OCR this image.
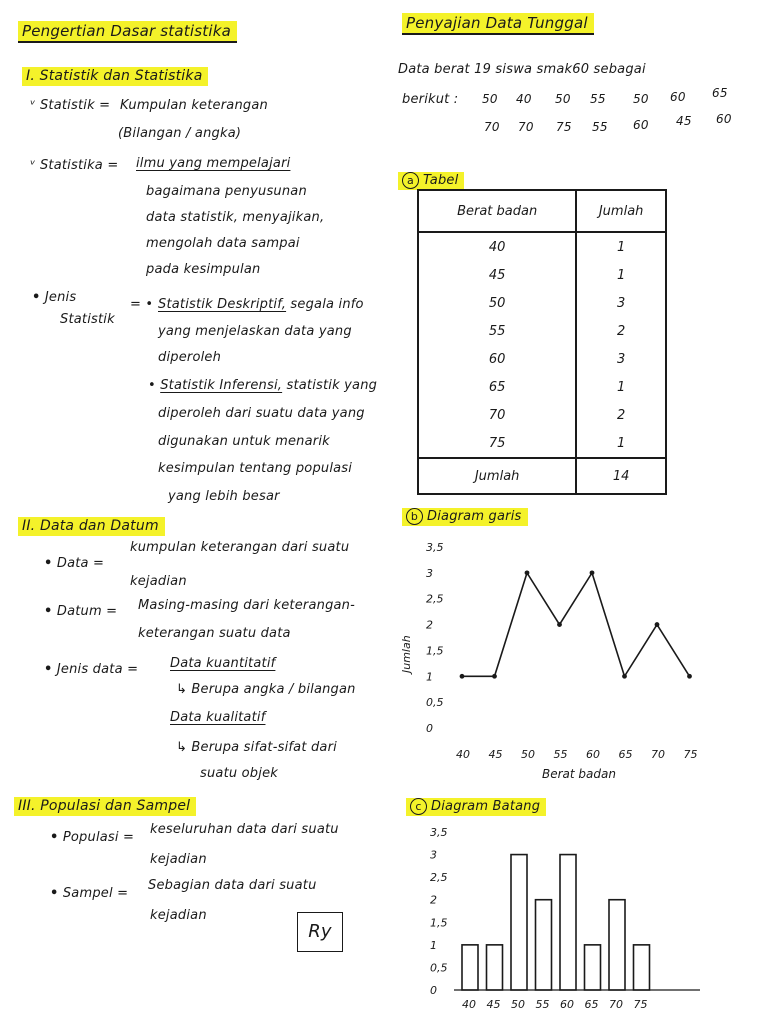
Pengertian Dasar statistika
I. Statistik dan Statistika
ᵛ Statistik = Kumpulan keterangan
(Bilangan / angka)
ᵛ Statistika = ilmu yang mempelajari
bagaimana penyusunan
data statistik, menyajikan,
mengolah data sampai
pada kesimpulan
• Jenis
Statistik
= • Statistik Deskriptif, segala info
yang menjelaskan data yang
diperoleh
• Statistik Inferensi, statistik yang
diperoleh dari suatu data yang
digunakan untuk menarik
kesimpulan tentang populasi
yang lebih besar
II. Data dan Datum
• Data =
kumpulan keterangan dari suatu
kejadian
• Datum = Masing-masing dari keterangan-
keterangan suatu data
• Jenis data = Data kuantitatif
↳ Berupa angka / bilangan
Data kualitatif
↳ Berupa sifat-sifat dari
suatu objek
III. Populasi dan Sampel
• Populasi =
keseluruhan data dari suatu
kejadian
• Sampel =
Sebagian data dari suatu
kejadian
Ry
Penyajian Data Tunggal
Data berat 19 siswa smak60 sebagai
berikut : 50 40 50 55 50 60 65
70 70 75 55 60 45 60
a Tabel
Berat badan	Jumlah
40	1
45	1
50	3
55	2
60	3
65	1
70	2
75	1
Jumlah	14
b Diagram garis
0
0,5
1
1,5
2
2,5
3
3,5
Jumlah
40 45 50 55 60 65 70 75
Berat badan
c Diagram Batang
0
0,5
1
1,5
2
2,5
3
3,5
40 45 50 55 60 65 70 75
